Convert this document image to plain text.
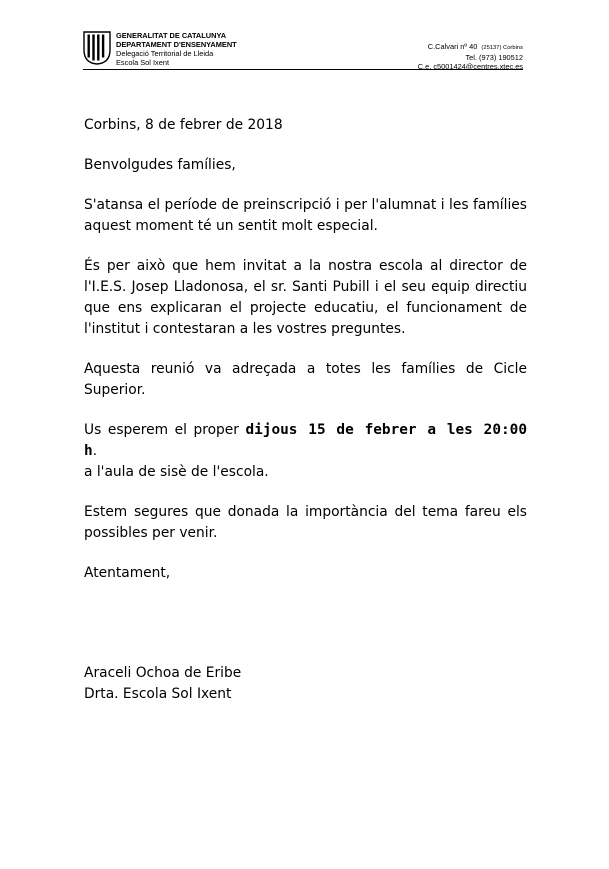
GENERALITAT DE CATALUNYA
DEPARTAMENT D'ENSENYAMENT
Delegació Territorial de Lleida
Escola Sol Ixent
C.Calvari nº 40 (25137) Corbins
Tel. (973) 190512
C.e. c5001424@centres.xtec.es

Corbins, 8 de febrer de 2018

Benvolgudes famílies,

S'atansa el període de preinscripció i per l'alumnat i les famílies aquest moment té un sentit molt especial.

És per això que hem invitat a la nostra escola al director de l'I.E.S. Josep Lladonosa, el sr. Santi Pubill i el seu equip directiu que ens explicaran el projecte educatiu, el funcionament de l'institut i contestaran a les vostres preguntes.

Aquesta reunió va adreçada a totes les famílies de Cicle Superior.

Us esperem el proper dijous 15 de febrer a les 20:00 h.
a l'aula de sisè de l'escola.

Estem segures que donada la importància del tema fareu els possibles per venir.

Atentament,

Araceli Ochoa de Eribe

Drta. Escola Sol Ixent
